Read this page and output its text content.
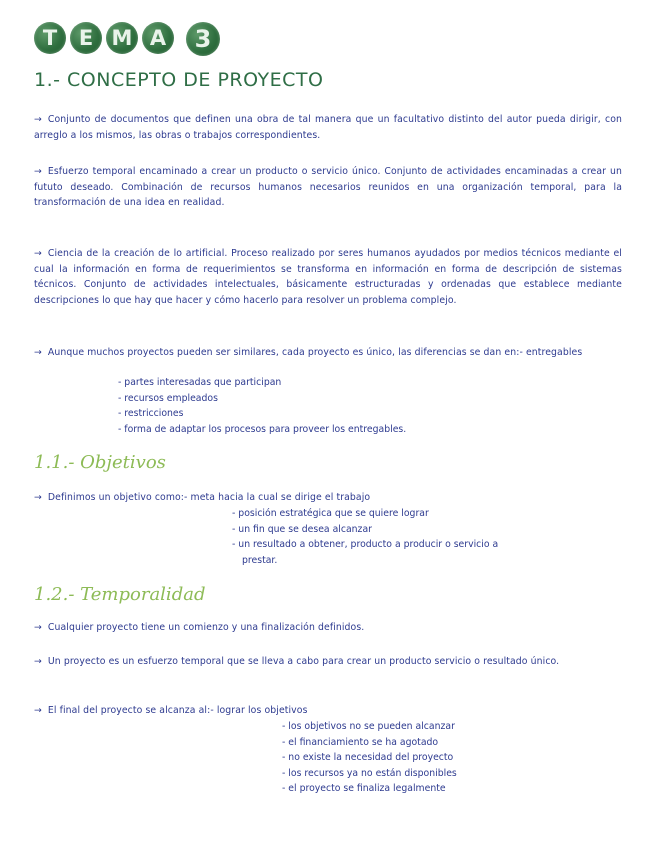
T	E M A	3
1.- CONCEPTO DE PROYECTO
→ Conjunto de documentos que definen una obra de tal manera que un facultativo distinto del autor pueda dirigir, con arreglo a los mismos, las obras o trabajos correspondientes.
→ Esfuerzo temporal encaminado a crear un producto o servicio único. Conjunto de actividades encaminadas a crear un fututo deseado. Combinación de recursos humanos necesarios reunidos en una organización temporal, para la transformación de una idea en realidad.
→ Ciencia de la creación de lo artificial. Proceso realizado por seres humanos ayudados por medios técnicos mediante el cual la información en forma de requerimientos se transforma en información en forma de descripción de sistemas técnicos. Conjunto de actividades intelectuales, básicamente estructuradas y ordenadas que establece mediante descripciones lo que hay que hacer y cómo hacerlo para resolver un problema complejo.
→ Aunque muchos proyectos pueden ser similares, cada proyecto es único, las diferencias se dan en:- entregables
- partes interesadas que participan
- recursos empleados
- restricciones
- forma de adaptar los procesos para proveer los entregables.
1.1.- Objetivos
→ Definimos un objetivo como:- meta hacia la cual se dirige el trabajo
- posición estratégica que se quiere lograr
- un fin que se desea alcanzar
- un resultado a obtener, producto a producir o servicio a
prestar.
1.2.- Temporalidad
→ Cualquier proyecto tiene un comienzo y una finalización definidos.
→ Un proyecto es un esfuerzo temporal que se lleva a cabo para crear un producto servicio o resultado único.
→ El final del proyecto se alcanza al:- lograr los objetivos
- los objetivos no se pueden alcanzar
- el financiamiento se ha agotado
- no existe la necesidad del proyecto
- los recursos ya no están disponibles
- el proyecto se finaliza legalmente
